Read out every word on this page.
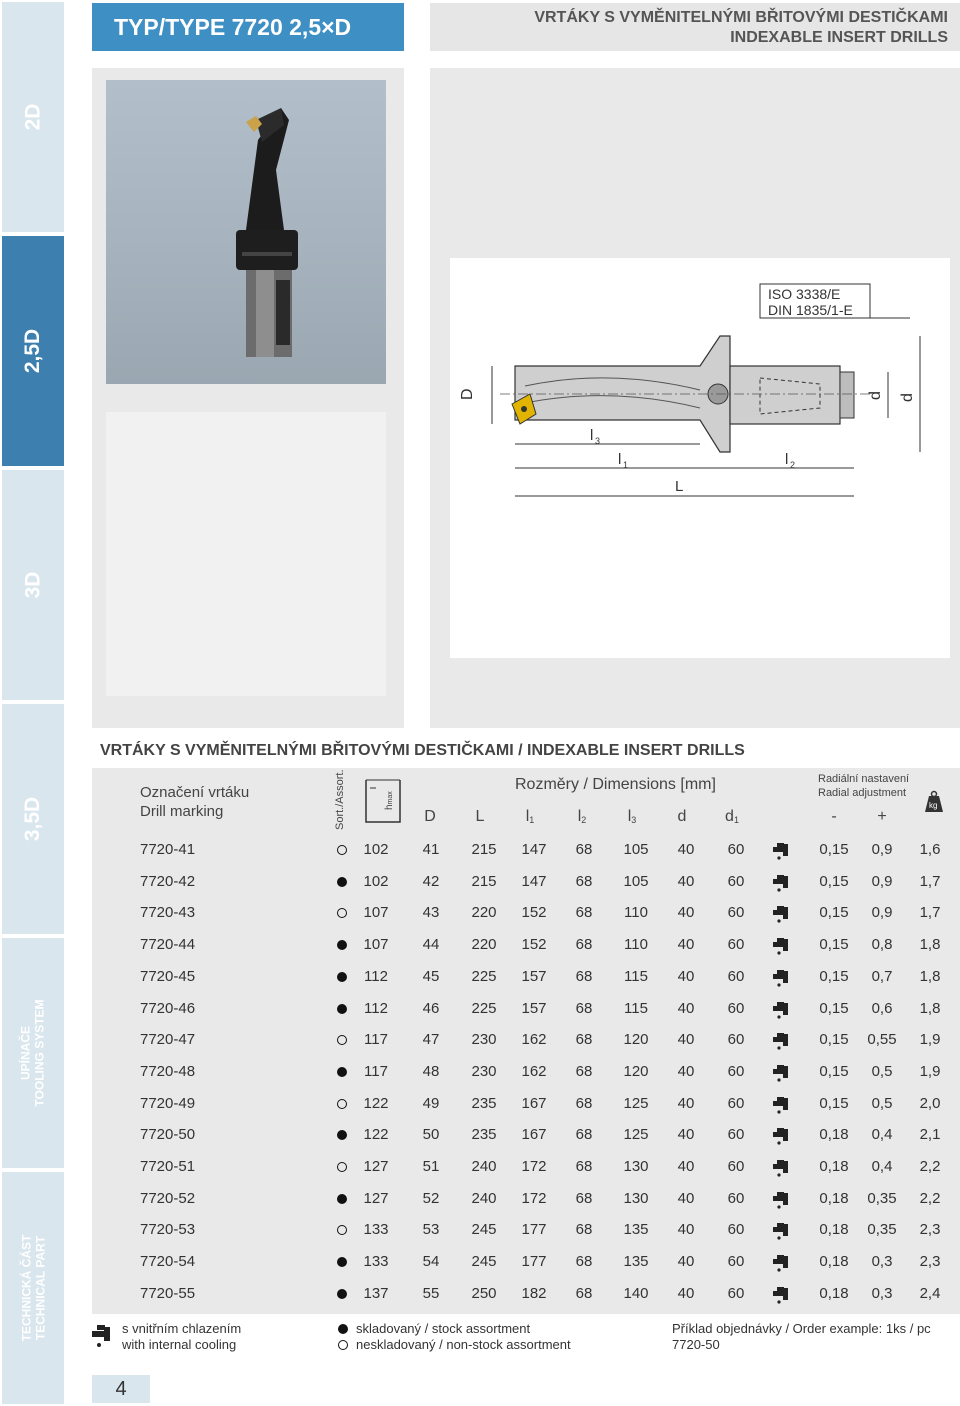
2D
2,5D
3D
3,5D
UPÍNAČE
TOOLING SYSTEM
TECHNICKÁ ČÁST
TECHNICAL PART
TYP/TYPE 7720 2,5×D	VRTÁKY S VYMĚNITELNÝMI BŘITOVÝMI DESTIČKAMI
INDEXABLE INSERT DRILLS
ISO 3338/E
DIN 1835/1-E
D	d d
l 3
l 1	l 2
L
VRTÁKY S VYMĚNITELNÝMI BŘITOVÝMI DESTIČKAMI / INDEXABLE INSERT DRILLS
Označení vrtáku
Drill marking	Sort./Assort.	hmax
Rozměry / Dimensions [mm]	Radiální nastavení
Radial adjustment
kg
D	L	$l_1$	$l_2$	$l_3$	d	$d_1$	-	+
7720-41	102	41	215	147	68	105	40	60	0,15	0,9	1,6
7720-42	102	42	215	147	68	105	40	60	0,15	0,9	1,7
7720-43	107	43	220	152	68	110	40	60	0,15	0,9	1,7
7720-44	107	44	220	152	68	110	40	60	0,15	0,8	1,8
7720-45	112	45	225	157	68	115	40	60	0,15	0,7	1,8
7720-46	112	46	225	157	68	115	40	60	0,15	0,6	1,8
7720-47	117	47	230	162	68	120	40	60	0,15	0,55	1,9
7720-48	117	48	230	162	68	120	40	60	0,15	0,5	1,9
7720-49	122	49	235	167	68	125	40	60	0,15	0,5	2,0
7720-50	122	50	235	167	68	125	40	60	0,18	0,4	2,1
7720-51	127	51	240	172	68	130	40	60	0,18	0,4	2,2
7720-52	127	52	240	172	68	130	40	60	0,18	0,35	2,2
7720-53	133	53	245	177	68	135	40	60	0,18	0,35	2,3
7720-54	133	54	245	177	68	135	40	60	0,18	0,3	2,3
7720-55	137	55	250	182	68	140	40	60	0,18	0,3	2,4
s vnitřním chlazením
with internal cooling
skladovaný / stock assortment
neskladovaný / non-stock assortment
Příklad objednávky / Order example: 1ks / pc 7720-50
4
